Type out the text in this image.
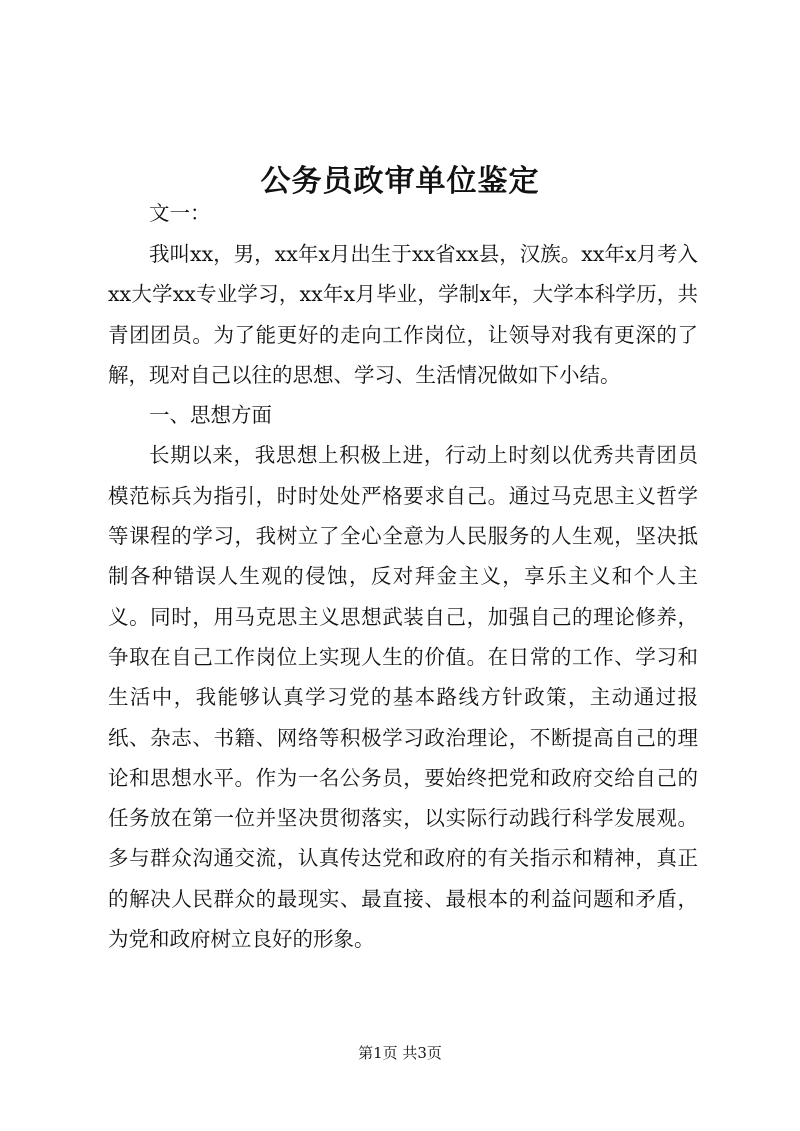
公务员政审单位鉴定

文一：

我叫xx，男，xx年x月出生于xx省xx县，汉族。xx年x月考入xx大学xx专业学习，xx年x月毕业，学制x年，大学本科学历，共青团团员。为了能更好的走向工作岗位，让领导对我有更深的了解，现对自己以往的思想、学习、生活情况做如下小结。

一、思想方面

长期以来，我思想上积极上进，行动上时刻以优秀共青团员模范标兵为指引，时时处处严格要求自己。通过马克思主义哲学等课程的学习，我树立了全心全意为人民服务的人生观，坚决抵制各种错误人生观的侵蚀，反对拜金主义，享乐主义和个人主义。同时，用马克思主义思想武装自己，加强自己的理论修养，争取在自己工作岗位上实现人生的价值。在日常的工作、学习和生活中，我能够认真学习党的基本路线方针政策，主动通过报纸、杂志、书籍、网络等积极学习政治理论，不断提高自己的理论和思想水平。作为一名公务员，要始终把党和政府交给自己的任务放在第一位并坚决贯彻落实，以实际行动践行科学发展观。多与群众沟通交流，认真传达党和政府的有关指示和精神，真正的解决人民群众的最现实、最直接、最根本的利益问题和矛盾，为党和政府树立良好的形象。

第1页 共3页
